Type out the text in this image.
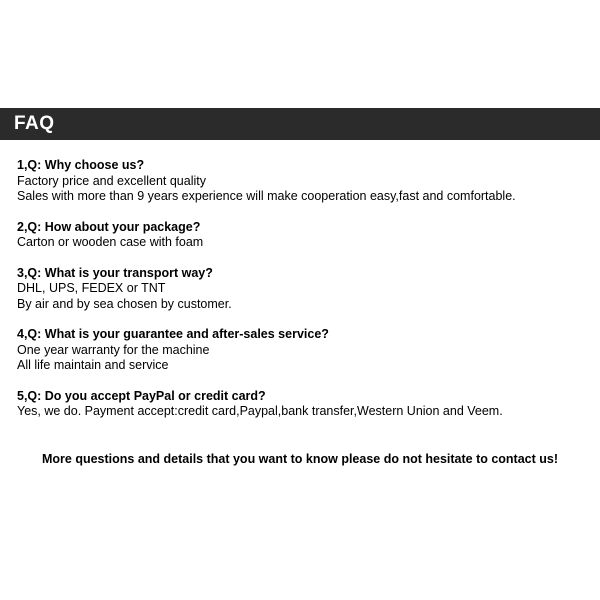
FAQ
1,Q: Why choose us?
Factory price and excellent quality
Sales with more than 9 years experience will make cooperation easy,fast and comfortable.
2,Q: How about your package?
Carton or wooden case with foam
3,Q: What is your transport way?
DHL, UPS, FEDEX or TNT
By air and by sea chosen by customer.
4,Q: What is your guarantee and after-sales service?
One year warranty for the machine
All life maintain and service
5,Q: Do you accept PayPal or credit card?
Yes, we do. Payment accept:credit card,Paypal,bank transfer,Western Union and Veem.
More questions and details that you want to know please do not hesitate to contact us!
